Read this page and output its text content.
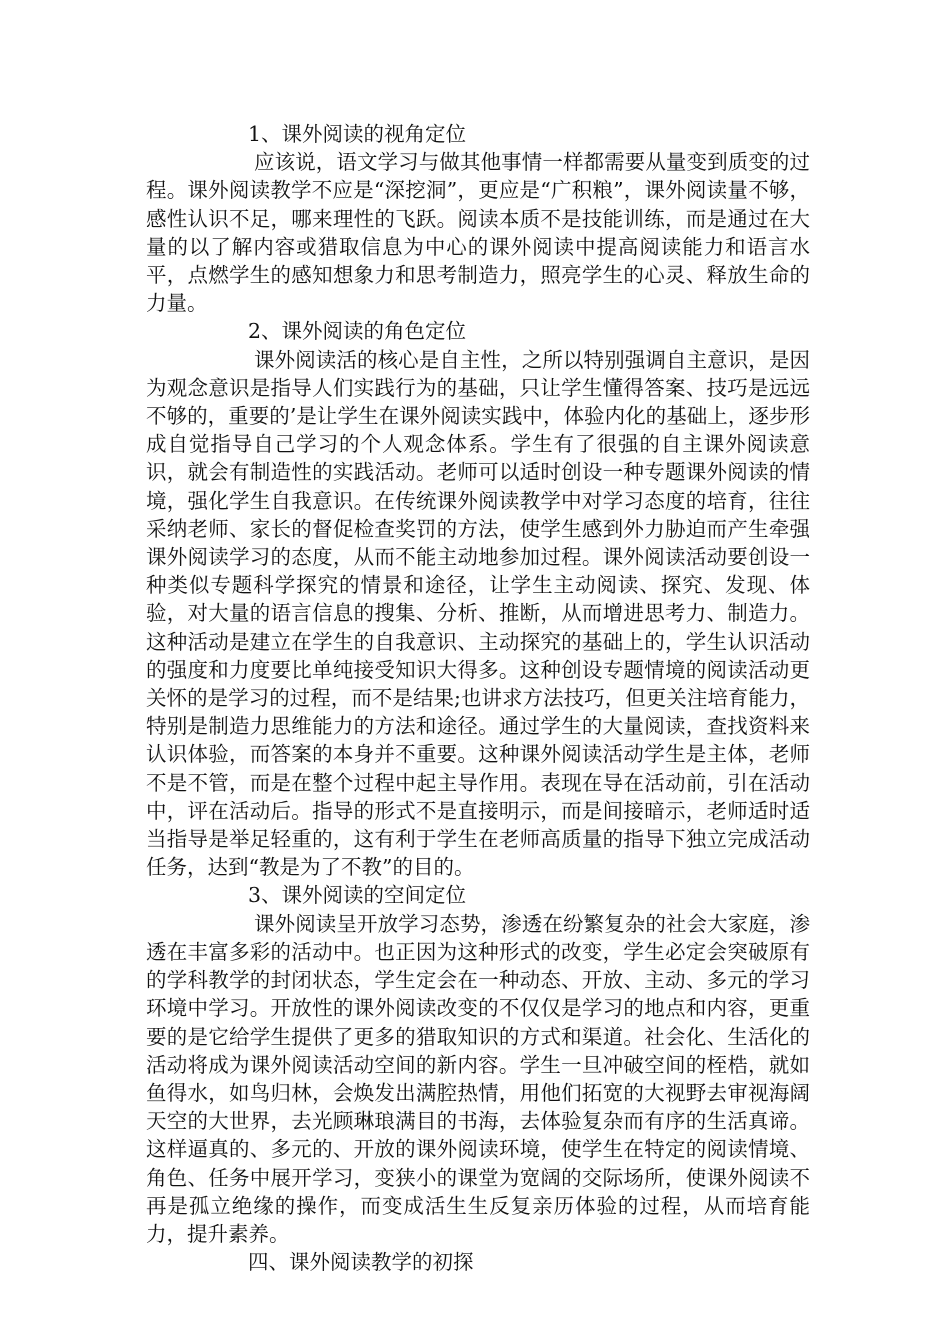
1、课外阅读的视角定位

应该说，语文学习与做其他事情一样都需要从量变到质变的过程。课外阅读教学不应是“深挖洞”，更应是“广积粮”，课外阅读量不够，感性认识不足，哪来理性的飞跃。阅读本质不是技能训练，而是通过在大量的以了解内容或猎取信息为中心的课外阅读中提高阅读能力和语言水平，点燃学生的感知想象力和思考制造力，照亮学生的心灵、释放生命的力量。

2、课外阅读的角色定位

课外阅读活的核心是自主性，之所以特别强调自主意识，是因为观念意识是指导人们实践行为的基础，只让学生懂得答案、技巧是远远不够的，重要的’是让学生在课外阅读实践中，体验内化的基础上，逐步形成自觉指导自己学习的个人观念体系。学生有了很强的自主课外阅读意识，就会有制造性的实践活动。老师可以适时创设一种专题课外阅读的情境，强化学生自我意识。在传统课外阅读教学中对学习态度的培育，往往采纳老师、家长的督促检查奖罚的方法，使学生感到外力胁迫而产生牵强课外阅读学习的态度，从而不能主动地参加过程。课外阅读活动要创设一种类似专题科学探究的情景和途径，让学生主动阅读、探究、发现、体验，对大量的语言信息的搜集、分析、推断，从而增进思考力、制造力。这种活动是建立在学生的自我意识、主动探究的基础上的，学生认识活动的强度和力度要比单纯接受知识大得多。这种创设专题情境的阅读活动更关怀的是学习的过程，而不是结果;也讲求方法技巧，但更关注培育能力，特别是制造力思维能力的方法和途径。通过学生的大量阅读，查找资料来认识体验，而答案的本身并不重要。这种课外阅读活动学生是主体，老师不是不管，而是在整个过程中起主导作用。表现在导在活动前，引在活动中，评在活动后。指导的形式不是直接明示，而是间接暗示，老师适时适当指导是举足轻重的，这有利于学生在老师高质量的指导下独立完成活动任务，达到“教是为了不教”的目的。

3、课外阅读的空间定位

课外阅读呈开放学习态势，渗透在纷繁复杂的社会大家庭，渗透在丰富多彩的活动中。也正因为这种形式的改变，学生必定会突破原有的学科教学的封闭状态，学生定会在一种动态、开放、主动、多元的学习环境中学习。开放性的课外阅读改变的不仅仅是学习的地点和内容，更重要的是它给学生提供了更多的猎取知识的方式和渠道。社会化、生活化的活动将成为课外阅读活动空间的新内容。学生一旦冲破空间的桎梏，就如鱼得水，如鸟归林，会焕发出满腔热情，用他们拓宽的大视野去审视海阔天空的大世界，去光顾琳琅满目的书海，去体验复杂而有序的生活真谛。这样逼真的、多元的、开放的课外阅读环境，使学生在特定的阅读情境、角色、任务中展开学习，变狭小的课堂为宽阔的交际场所，使课外阅读不再是孤立绝缘的操作，而变成活生生反复亲历体验的过程，从而培育能力，提升素养。

四、课外阅读教学的初探
